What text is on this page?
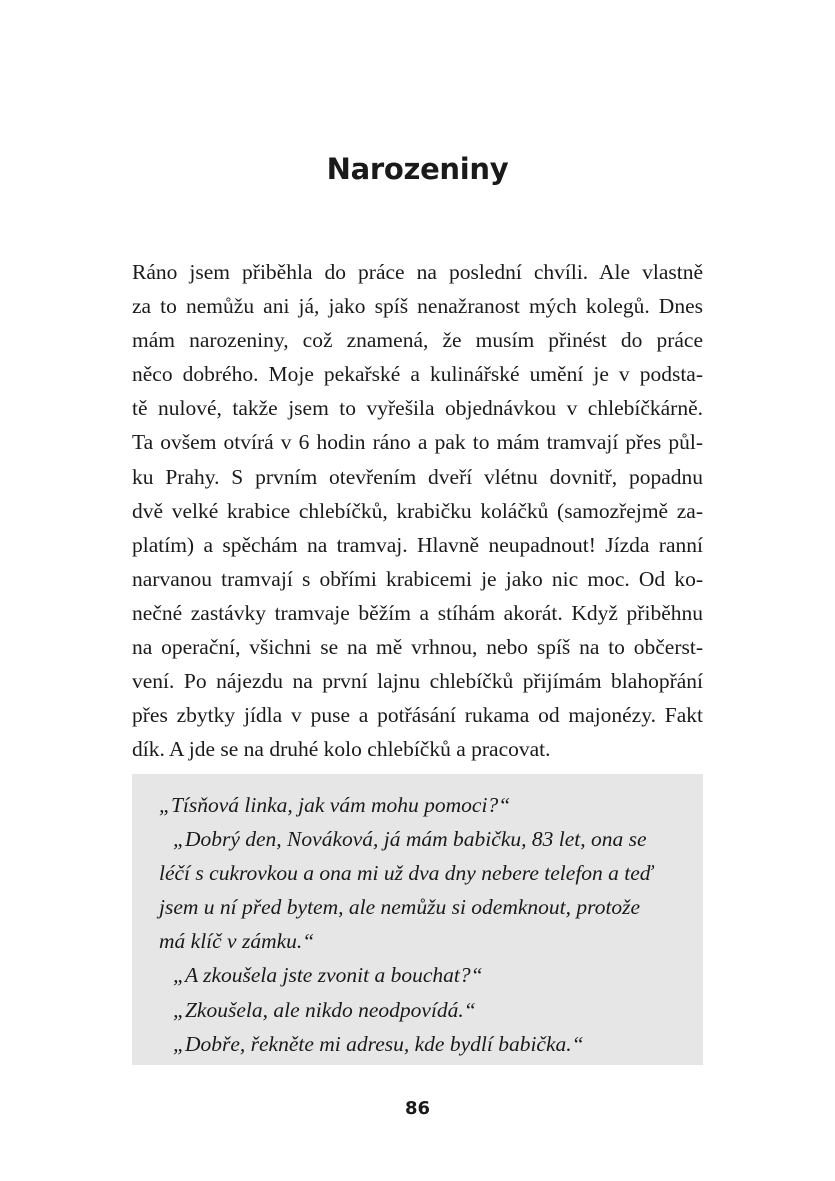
Narozeniny
Ráno jsem přiběhla do práce na poslední chvíli. Ale vlastně
za to nemůžu ani já, jako spíš nenažranost mých kolegů. Dnes
mám narozeniny, což znamená, že musím přinést do práce
něco dobrého. Moje pekařské a kulinářské umění je v podsta-
tě nulové, takže jsem to vyřešila objednávkou v chlebíčkárně.
Ta ovšem otvírá v 6 hodin ráno a pak to mám tramvají přes půl-
ku Prahy. S prvním otevřením dveří vlétnu dovnitř, popadnu
dvě velké krabice chlebíčků, krabičku koláčků (samozřejmě za-
platím) a spěchám na tramvaj. Hlavně neupadnout! Jízda ranní
narvanou tramvají s obřími krabicemi je jako nic moc. Od ko-
nečné zastávky tramvaje běžím a stíhám akorát. Když přiběhnu
na operační, všichni se na mě vrhnou, nebo spíš na to občerst-
vení. Po nájezdu na první lajnu chlebíčků přijímám blahopřání
přes zbytky jídla v puse a potřásání rukama od majonézy. Fakt
dík. A jde se na druhé kolo chlebíčků a pracovat.
„Tísňová linka, jak vám mohu pomoci?“
„Dobrý den, Nováková, já mám babičku, 83 let, ona se
léčí s cukrovkou a ona mi už dva dny nebere telefon a teď
jsem u ní před bytem, ale nemůžu si odemknout, protože
má klíč v zámku.“
„A zkoušela jste zvonit a bouchat?“
„Zkoušela, ale nikdo neodpovídá.“
„Dobře, řekněte mi adresu, kde bydlí babička.“
86
